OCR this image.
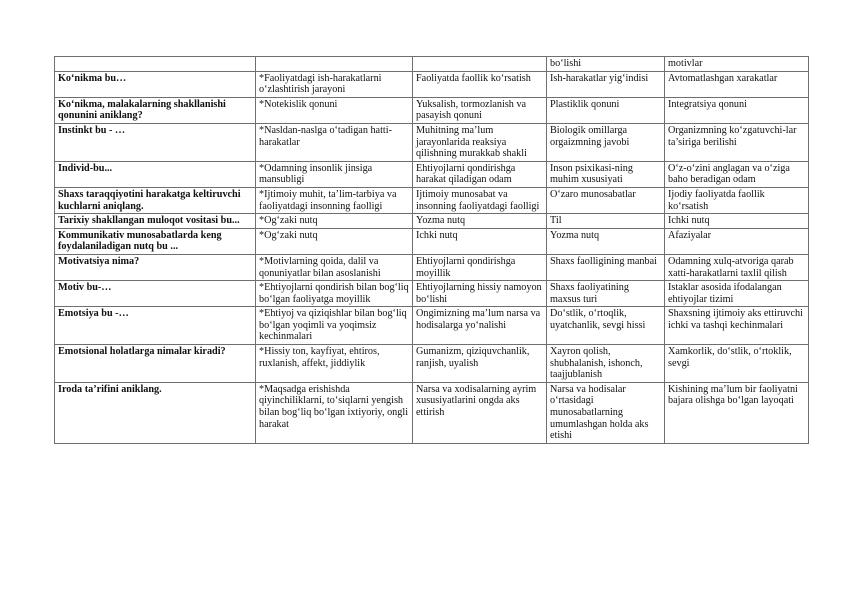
			bo‘lishi	motivlar
Ko‘nikma bu…	*Faoliyatdagi ish-harakatlarni o‘zlashtirish jarayoni	Faoliyatda faollik ko‘rsatish	Ish-harakatlar yig‘indisi	Avtomatlashgan xarakatlar
Ko‘nikma, malakalarning shakllanishi qonunini aniklang?	*Notekislik qonuni	Yuksalish, tormozlanish va pasayish qonuni	Plastiklik qonuni	Integratsiya qonuni
Instinkt bu - …	*Nasldan-naslga o‘tadigan hatti-harakatlar	Muhitning ma’lum jarayonlarida reaksiya qilishning murakkab shakli	Biologik omillarga orgaizmning javobi	Organizmning ko‘zgatuvchi-lar ta’siriga berilishi
Individ-bu...	*Odamning insonlik jinsiga mansubligi	Ehtiyojlarni qondirishga harakat qiladigan odam	Inson psixikasi-ning muhim xususiyati	O‘z-o‘zini anglagan va o‘ziga baho beradigan odam
Shaxs taraqqiyotini harakatga keltiruvchi kuchlarni aniqlang.	*Ijtimoiy muhit, ta’lim-tarbiya va faoliyatdagi insonning faolligi	Ijtimoiy munosabat va insonning faoliyatdagi faolligi	O‘zaro munosabatlar	Ijodiy faoliyatda faollik ko‘rsatish
Tarixiy shakllangan muloqot vositasi bu...	*Og‘zaki nutq	Yozma nutq	Til	Ichki nutq
Kommunikativ munosabatlarda keng foydalaniladigan nutq bu ...	*Og‘zaki nutq	Ichki nutq	Yozma nutq	Afaziyalar
Motivatsiya nima?	*Motivlarning qoida, dalil va qonuniyatlar bilan asoslanishi	Ehtiyojlarni qondirishga moyillik	Shaxs faolligining manbai	Odamning xulq-atvoriga qarab xatti-harakatlarni taxlil qilish
Motiv bu-…	*Ehtiyojlarni qondirish bilan bog‘liq bo‘lgan faoliyatga moyillik	Ehtiyojlarning hissiy namoyon bo‘lishi	Shaxs faoliyatining maxsus turi	Istaklar asosida ifodalangan ehtiyojlar tizimi
Emotsiya bu -…	*Ehtiyoj va qiziqishlar bilan bog‘liq bo‘lgan yoqimli va yoqimsiz kechinmalari	Ongimizning ma’lum narsa va hodisalarga yo‘nalishi	Do‘stlik, o‘rtoqlik, uyatchanlik, sevgi hissi	Shaxsning ijtimoiy aks ettiruvchi ichki va tashqi kechinmalari
Emotsional holatlarga nimalar kiradi?	*Hissiy ton, kayfiyat, ehtiros, ruxlanish, affekt, jiddiylik	Gumanizm, qiziquvchanlik, ranjish, uyalish	Xayron qolish, shubhalanish, ishonch, taajjublanish	Xamkorlik, do‘stlik, o‘rtoklik, sevgi
Iroda ta’rifini aniklang.	*Maqsadga erishishda qiyinchiliklarni, to‘siqlarni yengish bilan bog‘liq bo‘lgan ixtiyoriy, ongli harakat	Narsa va xodisalarning ayrim xususiyatlarini ongda aks ettirish	Narsa va hodisalar o‘rtasidagi munosabatlarning umumlashgan holda aks etishi	Kishining ma’lum bir faoliyatni bajara olishga bo‘lgan layoqati
